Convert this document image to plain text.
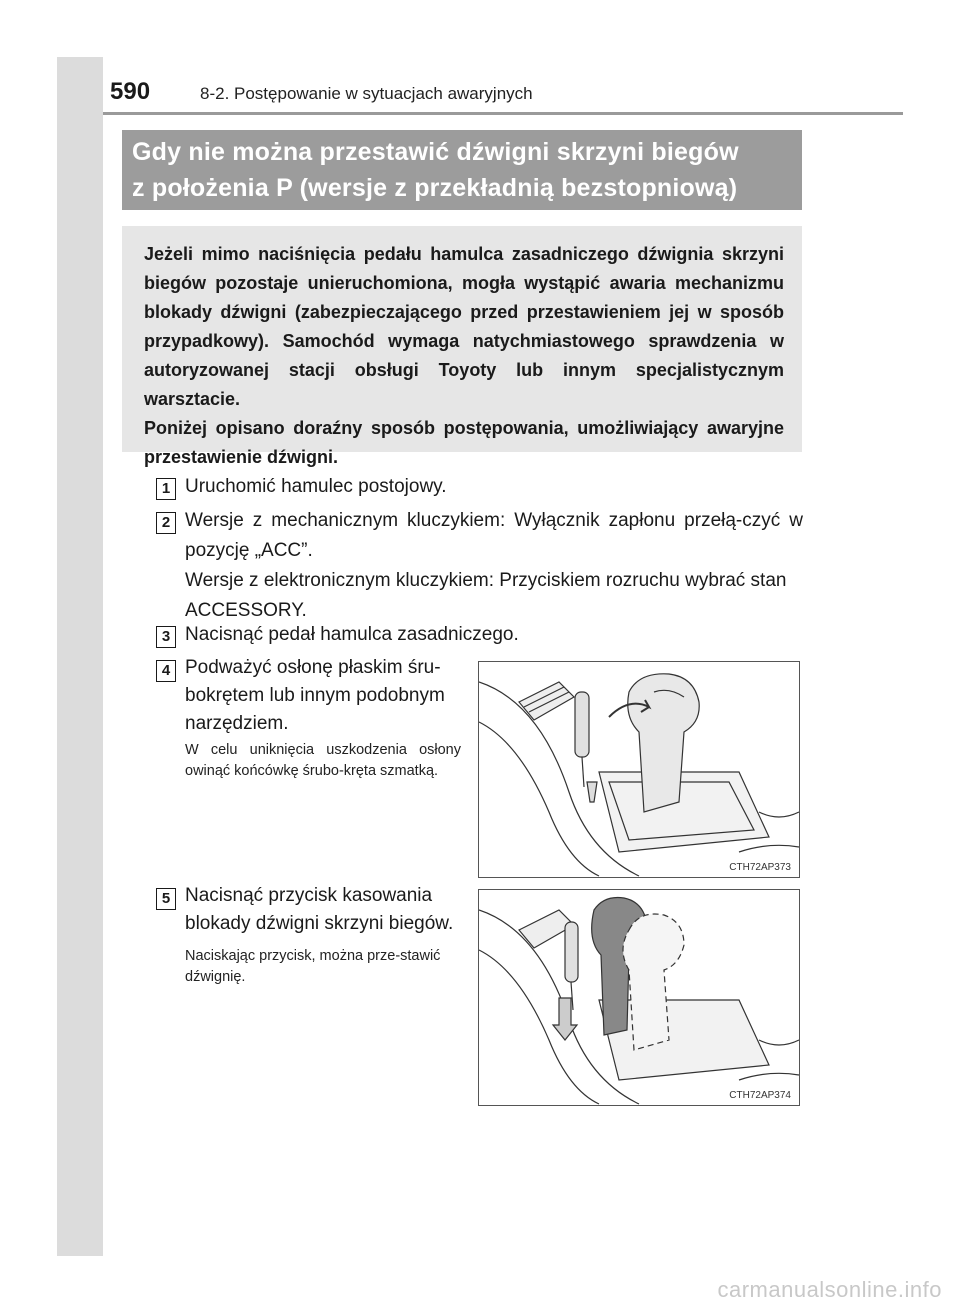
590	8-2. Postępowanie w sytuacjach awaryjnych
Gdy nie można przestawić dźwigni skrzyni biegów
z położenia P (wersje z przekładnią bezstopniową)

Jeżeli mimo naciśnięcia pedału hamulca zasadniczego dźwignia skrzyni biegów pozostaje unieruchomiona, mogła wystąpić awaria mechanizmu blokady dźwigni (zabezpieczającego przed przestawieniem jej w sposób przypadkowy). Samochód wymaga natychmiastowego sprawdzenia w autoryzowanej stacji obsługi Toyoty lub innym specjalistycznym warsztacie.

Poniżej opisano doraźny sposób postępowania, umożliwiający awaryjne przestawienie dźwigni.

1 Uruchomić hamulec postojowy.
2 Wersje z mechanicznym kluczykiem: Wyłącznik zapłonu przełą-czyć w pozycję „ACC”.
Wersje z elektronicznym kluczykiem: Przyciskiem rozruchu wybrać stan ACCESSORY.
3 Nacisnąć pedał hamulca zasadniczego.
4 Podważyć osłonę płaskim śru-bokrętem lub innym podobnym narzędziem.
W celu uniknięcia uszkodzenia osłony owinąć końcówkę śrubo-kręta szmatką.
CTH72AP373
5 Nacisnąć przycisk kasowania blokady dźwigni skrzyni biegów.
Naciskając przycisk, można prze-stawić dźwignię.
CTH72AP374
carmanualsonline.info
